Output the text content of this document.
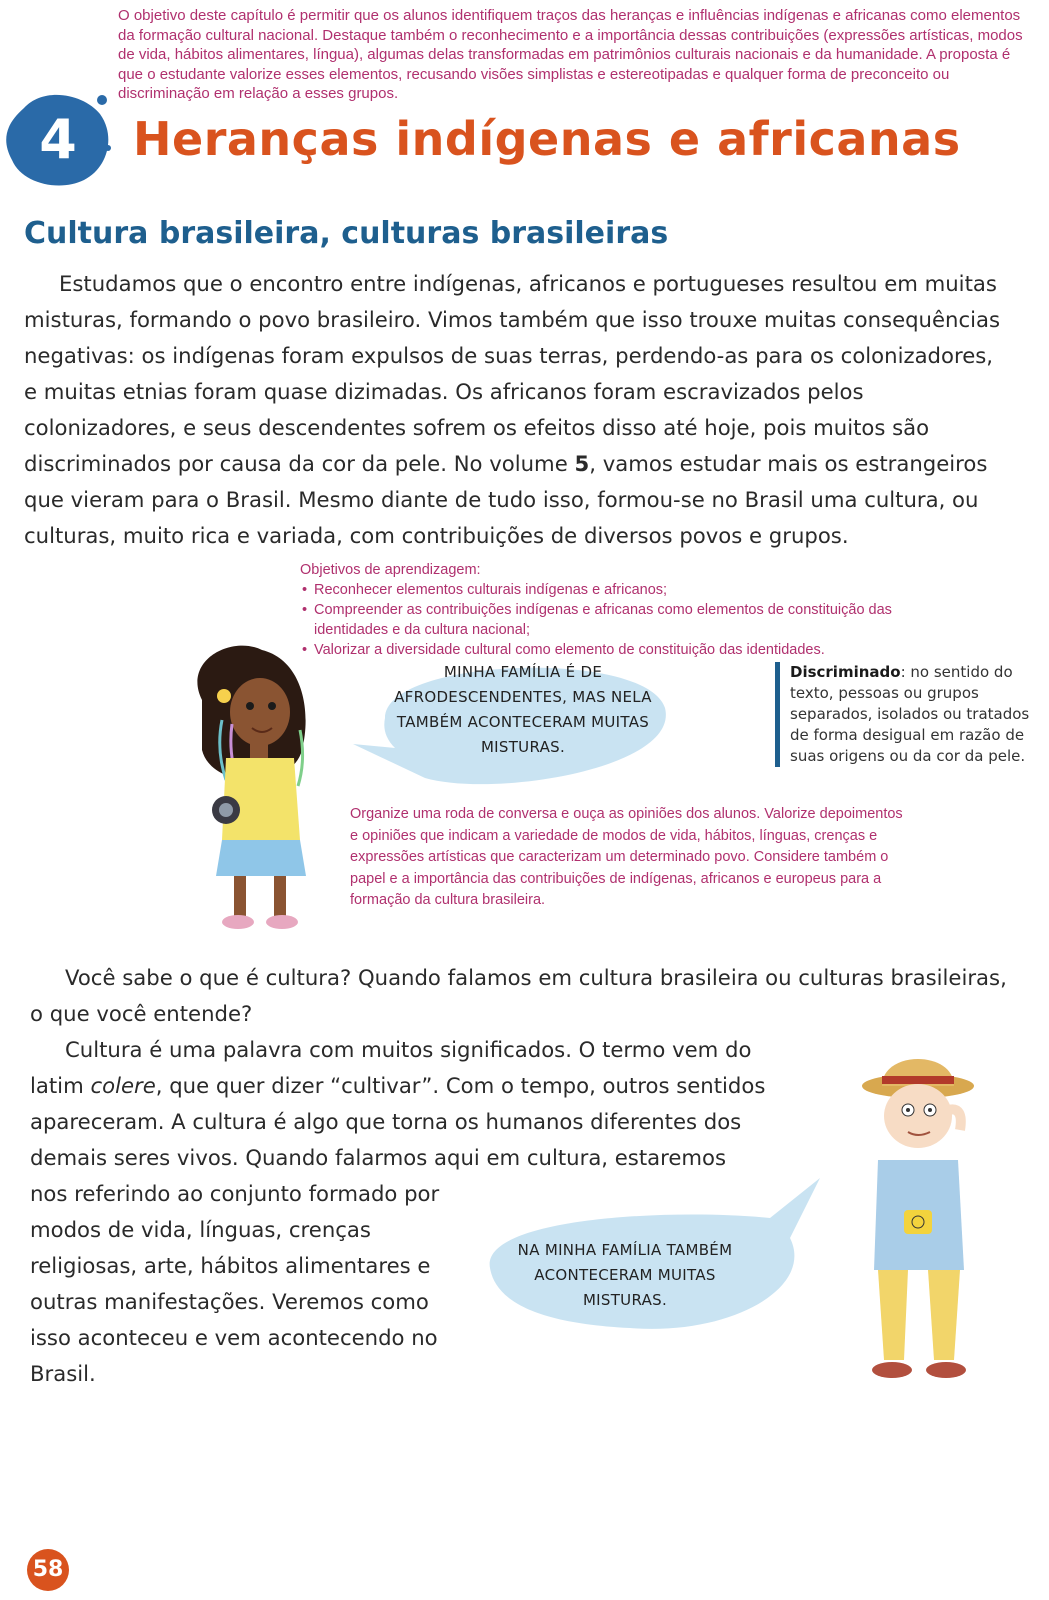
O objetivo deste capítulo é permitir que os alunos identifiquem traços das heranças e influências indígenas e africanas como elementos da formação cultural nacional. Destaque também o reconhecimento e a importância dessas contribuições (expressões artísticas, modos de vida, hábitos alimentares, língua), algumas delas transformadas em patrimônios culturais nacionais e da humanidade. A proposta é que o estudante valorize esses elementos, recusando visões simplistas e estereotipadas e qualquer forma de preconceito ou discriminação em relação a esses grupos.
4 Heranças indígenas e africanas
Cultura brasileira, culturas brasileiras
Estudamos que o encontro entre indígenas, africanos e portugueses resultou em muitas misturas, formando o povo brasileiro. Vimos também que isso trouxe muitas consequências negativas: os indígenas foram expulsos de suas terras, perdendo-as para os colonizadores, e muitas etnias foram quase dizimadas. Os africanos foram escravizados pelos colonizadores, e seus descendentes sofrem os efeitos disso até hoje, pois muitos são discriminados por causa da cor da pele. No volume 5, vamos estudar mais os estrangeiros que vieram para o Brasil. Mesmo diante de tudo isso, formou-se no Brasil uma cultura, ou culturas, muito rica e variada, com contribuições de diversos povos e grupos.
Objetivos de aprendizagem:
• Reconhecer elementos culturais indígenas e africanos;
• Compreender as contribuições indígenas e africanas como elementos de constituição das identidades e da cultura nacional;
• Valorizar a diversidade cultural como elemento de constituição das identidades.
MINHA FAMÍLIA É DE AFRODESCENDENTES, MAS NELA TAMBÉM ACONTECERAM MUITAS MISTURAS.
Discriminado: no sentido do texto, pessoas ou grupos separados, isolados ou tratados de forma desigual em razão de suas origens ou da cor da pele.
Organize uma roda de conversa e ouça as opiniões dos alunos. Valorize depoimentos e opiniões que indicam a variedade de modos de vida, hábitos, línguas, crenças e expressões artísticas que caracterizam um determinado povo. Considere também o papel e a importância das contribuições de indígenas, africanos e europeus para a formação da cultura brasileira.
Você sabe o que é cultura? Quando falamos em cultura brasileira ou culturas brasileiras, o que você entende?
Cultura é uma palavra com muitos significados. O termo vem do latim colere, que quer dizer “cultivar”. Com o tempo, outros sentidos apareceram. A cultura é algo que torna os humanos diferentes dos demais seres vivos. Quando falarmos aqui em cultura, estaremos
nos referindo ao conjunto formado por modos de vida, línguas, crenças religiosas, arte, hábitos alimentares e outras manifestações. Veremos como isso aconteceu e vem acontecendo no Brasil.
NA MINHA FAMÍLIA TAMBÉM ACONTECERAM MUITAS MISTURAS.
58
